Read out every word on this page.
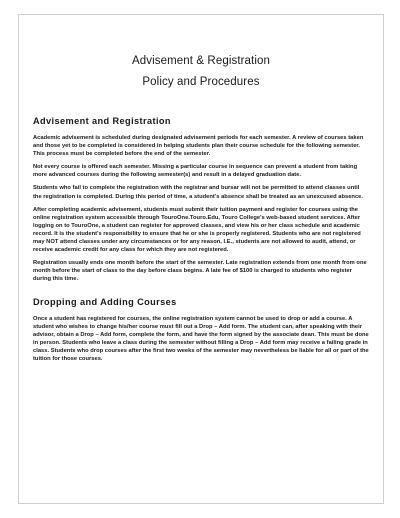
Advisement & Registration
Policy and Procedures
Advisement and Registration

Academic advisement is scheduled during designated advisement periods for each semester. A review of courses taken and those yet to be completed is considered in helping students plan their course schedule for the following semester. This process must be completed before the end of the semester.

Not every course is offered each semester. Missing a particular course in sequence can prevent a student from taking more advanced courses during the following semester(s) and result in a delayed graduation date.

Students who fail to complete the registration with the registrar and bursar will not be permitted to attend classes until the registration is completed. During this period of time, a student's absence shall be treated as an unexcused absence.

After completing academic advisement, students must submit their tuition payment and register for courses using the online registration system accessible through TouroOne.Touro.Edu, Touro College's web-based student services. After logging on to TouroOne, a student can register for approved classes, and view his or her class schedule and academic record. It is the student's responsibility to ensure that he or she is properly registered. Students who are not registered may NOT attend classes under any circumstances or for any reason, I.E., students are not allowed to audit, attend, or receive academic credit for any class for which they are not registered.

Registration usually ends one month before the start of the semester. Late registration extends from one month from one month before the start of class to the day before class begins. A late fee of $100 is charged to students who register during this time.

Dropping and Adding Courses

Once a student has registered for courses, the online registration system cannot be used to drop or add a course. A student who wishes to change his/her course must fill out a Drop – Add form. The student can, after speaking with their advisor, obtain a Drop – Add form, complete the form, and have the form signed by the associate dean. This must be done in person. Students who leave a class during the semester without filling a Drop – Add form may receive a failing grade in class. Students who drop courses after the first two weeks of the semester may nevertheless be liable for all or part of the tuition for those courses.
